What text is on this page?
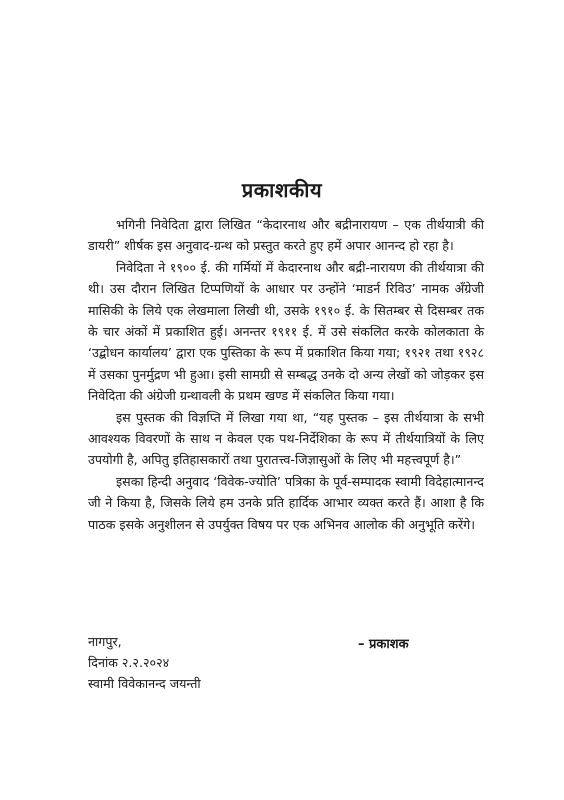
प्रकाशकीय

भगिनी निवेदिता द्वारा लिखित “केदारनाथ और बद्रीनारायण – एक तीर्थयात्री की डायरी” शीर्षक इस अनुवाद-ग्रन्थ को प्रस्तुत करते हुए हमें अपार आनन्द हो रहा है।

निवेदिता ने १९०० ई. की गर्मियों में केदारनाथ और बद्री-नारायण की तीर्थयात्रा की थी। उस दौरान लिखित टिप्पणियों के आधार पर उन्होंने ‘माडर्न रिविउ’ नामक अँग्रेजी मासिकी के लिये एक लेखमाला लिखी थी, उसके १९१० ई. के सितम्बर से दिसम्बर तक के चार अंकों में प्रकाशित हुई। अनन्तर १९११ ई. में उसे संकलित करके कोलकाता के ‘उद्बोधन कार्यालय’ द्वारा एक पुस्तिका के रूप में प्रकाशित किया गया; १९२१ तथा १९२८ में उसका पुनर्मुद्रण भी हुआ। इसी सामग्री से सम्बद्ध उनके दो अन्य लेखों को जोड़कर इस निवेदिता की अंग्रेजी ग्रन्थावली के प्रथम खण्ड में संकलित किया गया।

इस पुस्तक की विज्ञप्ति में लिखा गया था, “यह पुस्तक – इस तीर्थयात्रा के सभी आवश्यक विवरणों के साथ न केवल एक पथ-निर्देशिका के रूप में तीर्थयात्रियों के लिए उपयोगी है, अपितु इतिहासकारों तथा पुरातत्त्व-जिज्ञासुओं के लिए भी महत्त्वपूर्ण है।”

इसका हिन्दी अनुवाद ‘विवेक-ज्योति’ पत्रिका के पूर्व-सम्पादक स्वामी विदेहात्मानन्द जी ने किया है, जिसके लिये हम उनके प्रति हार्दिक आभार व्यक्त करते हैं। आशा है कि पाठक इसके अनुशीलन से उपर्युक्त विषय पर एक अभिनव आलोक की अनुभूति करेंगे।

नागपुर,
दिनांक २.२.२०२४
स्वामी विवेकानन्द जयन्ती
– प्रकाशक
